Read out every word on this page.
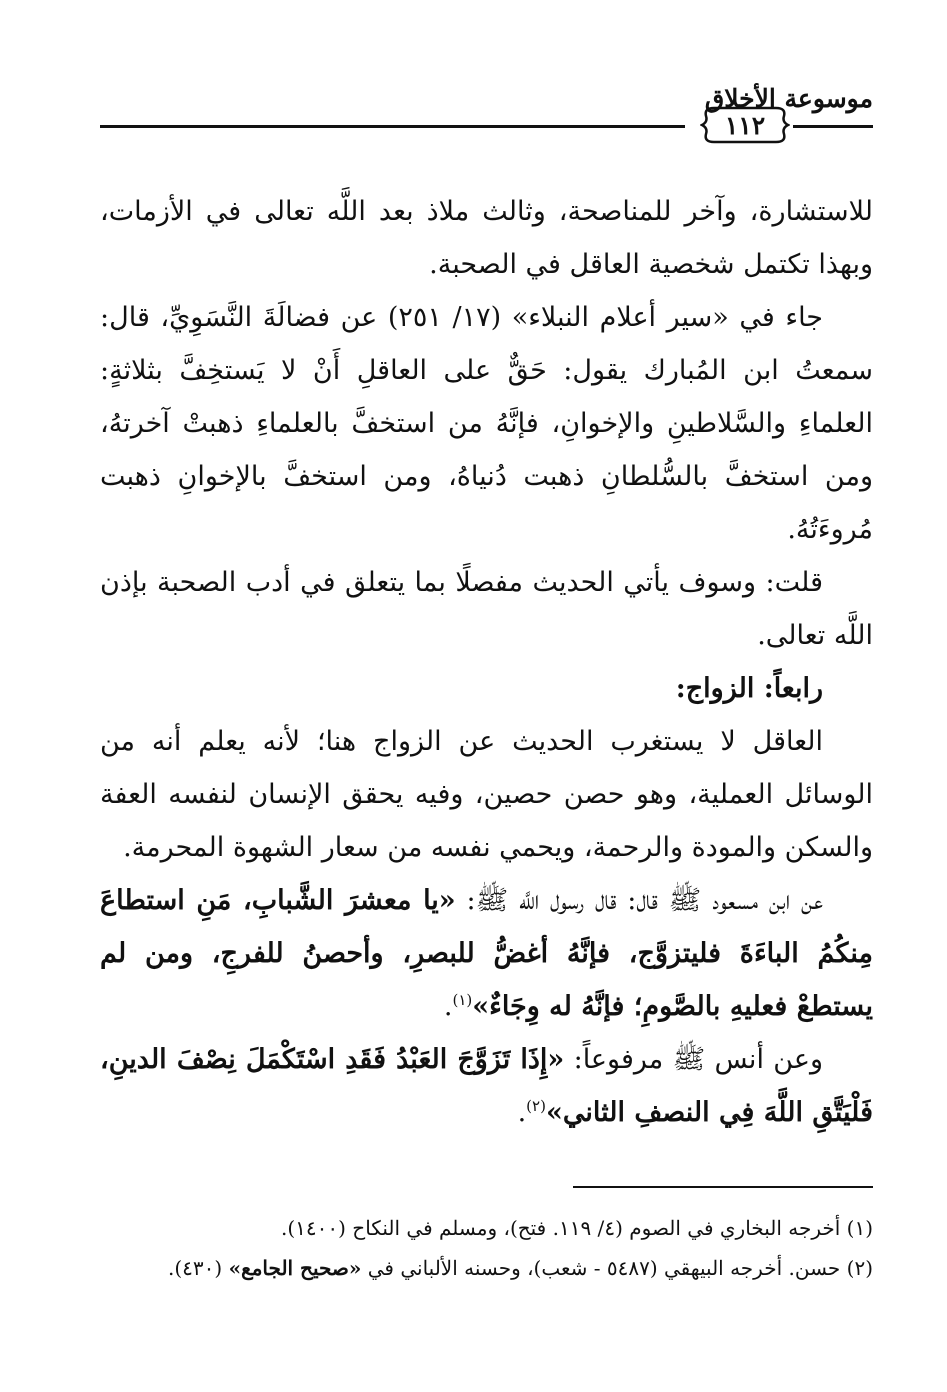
موسوعة الأخلاق
١١٢

للاستشارة، وآخر للمناصحة، وثالث ملاذ بعد اللَّه تعالى في الأزمات، وبهذا تكتمل شخصية العاقل في الصحبة.

جاء في «سير أعلام النبلاء» (١٧/ ٢٥١) عن فضالَةَ النَّسَوِيِّ، قال: سمعتُ ابن المُبارك يقول: حَقٌّ على العاقلِ أَنْ لا يَستخِفَّ بثلاثةٍ: العلماءِ والسَّلاطينِ والإخوانِ، فإنَّهُ من استخفَّ بالعلماءِ ذهبتْ آخرتهُ، ومن استخفَّ بالسُّلطانِ ذهبت دُنياهُ، ومن استخفَّ بالإخوانِ ذهبت مُروءَتُهُ.

قلت: وسوف يأتي الحديث مفصلًا بما يتعلق في أدب الصحبة بإذن اللَّه تعالى.

رابعاً: الزواج:

العاقل لا يستغرب الحديث عن الزواج هنا؛ لأنه يعلم أنه من الوسائل العملية، وهو حصن حصين، وفيه يحقق الإنسان لنفسه العفة والسكن والمودة والرحمة، ويحمي نفسه من سعار الشهوة المحرمة.

عن ابن مسعود ﷺ قال: قال رسول اللَّه ﷺ: «يا معشرَ الشَّبابِ، مَنِ استطاعَ مِنكُمُ الباءَةَ فليتزوَّج، فإنَّهُ أغضُّ للبصرِ، وأحصنُ للفرجِ، ومن لم يستطعْ فعليهِ بالصَّومِ؛ فإنَّهُ له وِجَاءٌ»$^{(١)}$.

وعن أنس ﷺ مرفوعاً: «إِذَا تَزَوَّجَ العَبْدُ فَقَدِ اسْتَكْمَلَ نِصْفَ الدينِ، فَلْيَتَّقِ اللَّهَ فِي النصفِ الثاني»$^{(٢)}$.

(١) أخرجه البخاري في الصوم (٤/ ١١٩. فتح)، ومسلم في النكاح (١٤٠٠).

(٢) حسن. أخرجه البيهقي (٥٤٨٧ - شعب)، وحسنه الألباني في «صحيح الجامع» (٤٣٠).
